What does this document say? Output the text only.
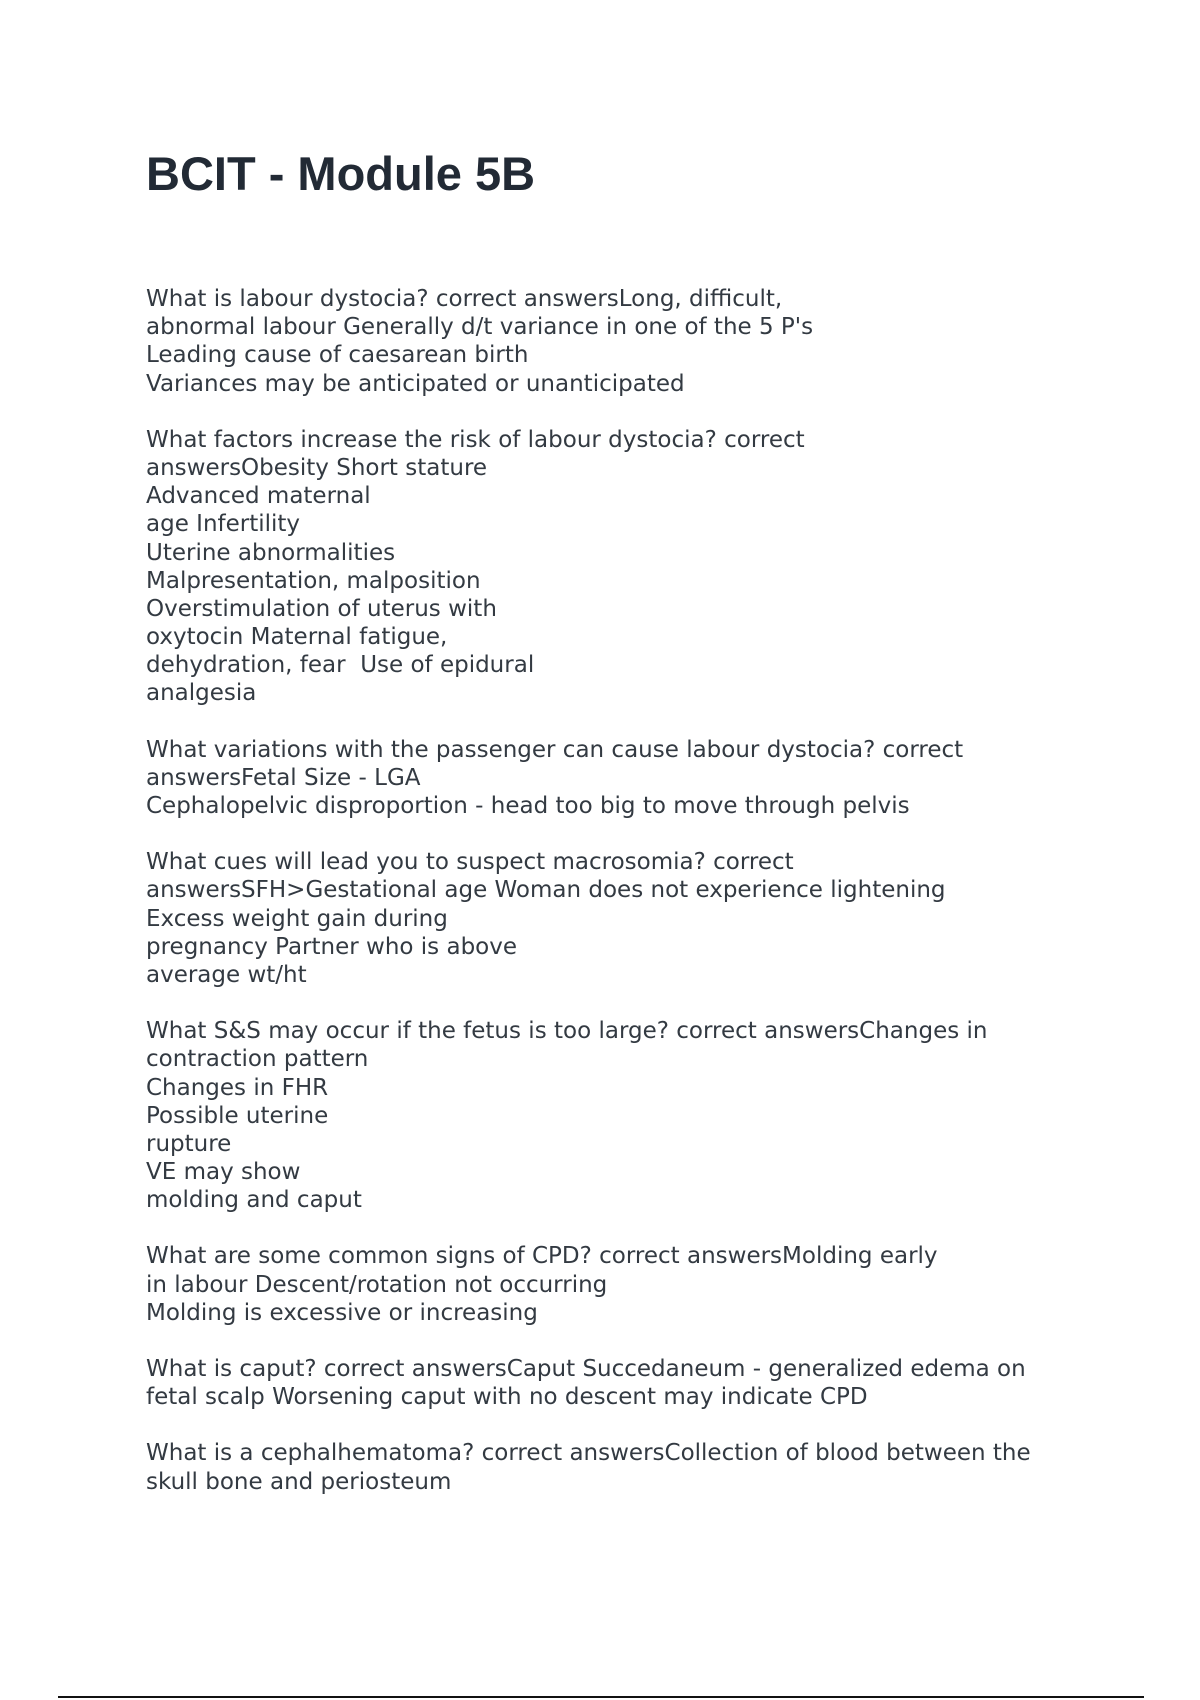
BCIT - Module 5B
What is labour dystocia? correct answersLong, difficult,
abnormal labour Generally d/t variance in one of the 5 P's
Leading cause of caesarean birth
Variances may be anticipated or unanticipated
What factors increase the risk of labour dystocia? correct
answersObesity Short stature
Advanced maternal
age Infertility
Uterine abnormalities
Malpresentation, malposition
Overstimulation of uterus with
oxytocin Maternal fatigue,
dehydration, fear  Use of epidural
analgesia
What variations with the passenger can cause labour dystocia? correct
answersFetal Size - LGA
Cephalopelvic disproportion - head too big to move through pelvis
What cues will lead you to suspect macrosomia? correct
answersSFH>Gestational age Woman does not experience lightening
Excess weight gain during
pregnancy Partner who is above
average wt/ht
What S&S may occur if the fetus is too large? correct answersChanges in
contraction pattern
Changes in FHR
Possible uterine
rupture
VE may show
molding and caput
What are some common signs of CPD? correct answersMolding early
in labour Descent/rotation not occurring
Molding is excessive or increasing
What is caput? correct answersCaput Succedaneum - generalized edema on
fetal scalp Worsening caput with no descent may indicate CPD
What is a cephalhematoma? correct answersCollection of blood between the
skull bone and periosteum
